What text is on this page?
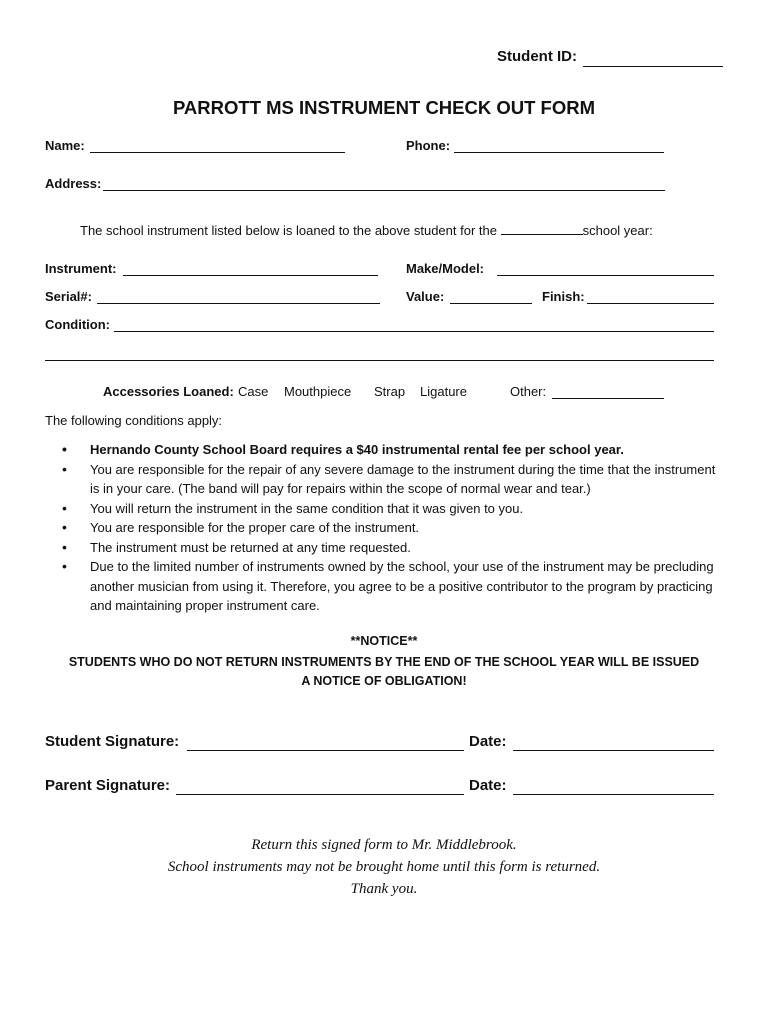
Student ID:
PARROTT MS INSTRUMENT CHECK OUT FORM
Name:	Phone:
Address:
The school instrument listed below is loaned to the above student for the	school year:
Instrument:	Make/Model:
Serial#:	Value:	Finish:
Condition:
Accessories Loaned: Case Mouthpiece Strap Ligature	Other:
The following conditions apply:
• Hernando County School Board requires a $40 instrumental rental fee per school year.
• You are responsible for the repair of any severe damage to the instrument during the time that the instrument is in your care. (The band will pay for repairs within the scope of normal wear and tear.)
• You will return the instrument in the same condition that it was given to you.
• You are responsible for the proper care of the instrument.
• The instrument must be returned at any time requested.
• Due to the limited number of instruments owned by the school, your use of the instrument may be precluding another musician from using it. Therefore, you agree to be a positive contributor to the program by practicing and maintaining proper instrument care.
**NOTICE**
STUDENTS WHO DO NOT RETURN INSTRUMENTS BY THE END OF THE SCHOOL YEAR WILL BE ISSUED
A NOTICE OF OBLIGATION!
Student Signature:	Date:
Parent Signature:	Date:
Return this signed form to Mr. Middlebrook.
School instruments may not be brought home until this form is returned.
Thank you.
